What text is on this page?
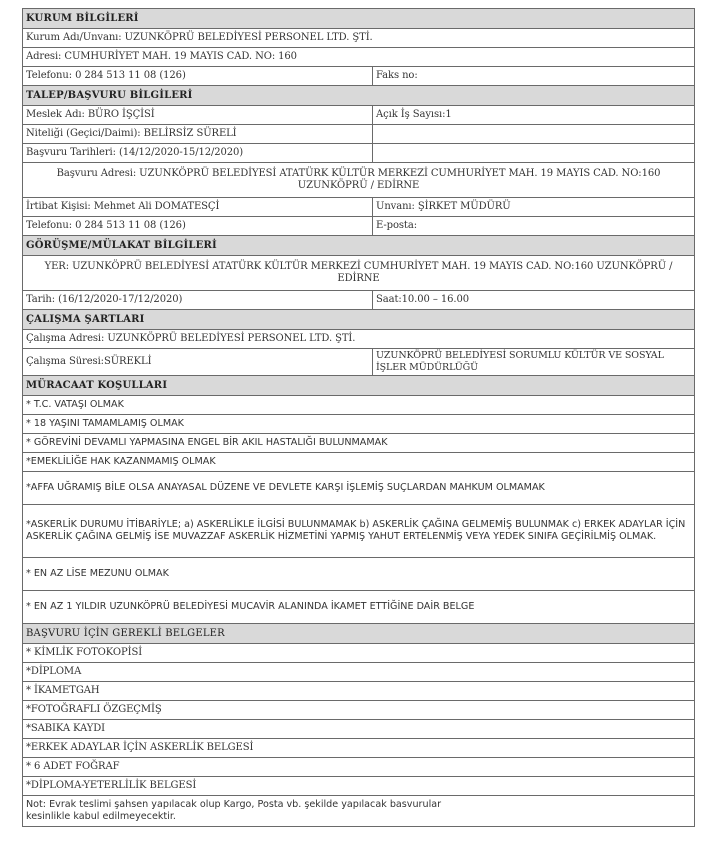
KURUM BİLGİLERİ	
Kurum Adı/Unvanı: UZUNKÖPRÜ BELEDİYESİ PERSONEL LTD. ŞTİ.	
Adresi: CUMHURİYET MAH. 19 MAYIS CAD. NO: 160	
Telefonu: 0 284 513 11 08 (126)	Faks no:
TALEP/BAŞVURU BİLGİLERİ	
Meslek Adı: BÜRO İŞÇİSİ	Açık İş Sayısı:1
Niteliği (Geçici/Daimi): BELİRSİZ SÜRELİ	
Başvuru Tarihleri: (14/12/2020-15/12/2020)	
Başvuru Adresi: UZUNKÖPRÜ BELEDİYESİ ATATÜRK KÜLTÜR MERKEZİ CUMHURİYET MAH. 19 MAYIS CAD. NO:160 UZUNKÖPRÜ / EDİRNE	
İrtibat Kişisi: Mehmet Ali DOMATESÇİ	Unvanı: ŞİRKET MÜDÜRÜ
Telefonu: 0 284 513 11 08 (126)	E-posta:
GÖRÜŞME/MÜLAKAT BİLGİLERİ	
YER: UZUNKÖPRÜ BELEDİYESİ ATATÜRK KÜLTÜR MERKEZİ CUMHURİYET MAH. 19 MAYIS CAD. NO:160 UZUNKÖPRÜ / EDİRNE	
Tarih: (16/12/2020-17/12/2020)	Saat:10.00 – 16.00
ÇALIŞMA ŞARTLARI	
Çalışma Adresi: UZUNKÖPRÜ BELEDİYESİ PERSONEL LTD. ŞTİ.	
Çalışma Süresi:SÜREKLİ	UZUNKÖPRÜ BELEDİYESİ SORUMLU KÜLTÜR VE SOSYAL İŞLER MÜDÜRLÜĞÜ
MÜRACAAT KOŞULLARI	
* T.C. VATAŞI OLMAK	
* 18 YAŞINI TAMAMLAMIŞ OLMAK	
* GÖREVİNİ DEVAMLI YAPMASINA ENGEL BİR AKIL HASTALIĞI BULUNMAMAK	
*EMEKLİLİĞE HAK KAZANMAMIŞ OLMAK	
*AFFA UĞRAMIŞ BİLE OLSA ANAYASAL DÜZENE VE DEVLETE KARŞI İŞLEMİŞ SUÇLARDAN MAHKUM OLMAMAK	
*ASKERLİK DURUMU İTİBARİYLE; a) ASKERLİKLE İLGİSİ BULUNMAMAK b) ASKERLİK ÇAĞINA GELMEMİŞ BULUNMAK c) ERKEK ADAYLAR İÇİN ASKERLİK ÇAĞINA GELMİŞ İSE MUVAZZAF ASKERLİK HİZMETİNİ YAPMIŞ YAHUT ERTELENMİŞ VEYA YEDEK SINIFA GEÇİRİLMİŞ OLMAK.	
* EN AZ LİSE MEZUNU OLMAK	
* EN AZ 1 YILDIR UZUNKÖPRÜ BELEDİYESİ MUCAVİR ALANINDA İKAMET ETTİĞİNE DAİR BELGE	
BAŞVURU İÇİN GEREKLİ BELGELER	
* KİMLİK FOTOKOPİSİ	
*DİPLOMA	
* İKAMETGAH	
*FOTOĞRAFLI ÖZGEÇMİŞ	
*SABIKA KAYDI	
*ERKEK ADAYLAR İÇİN ASKERLİK BELGESİ	
* 6 ADET FOĞRAF	
*DİPLOMA-YETERLİLİK BELGESİ	
Not: Evrak teslimi şahsen yapılacak olup Kargo, Posta vb. şekilde yapılacak basvurular kesinlikle kabul edilmeyecektir.	
